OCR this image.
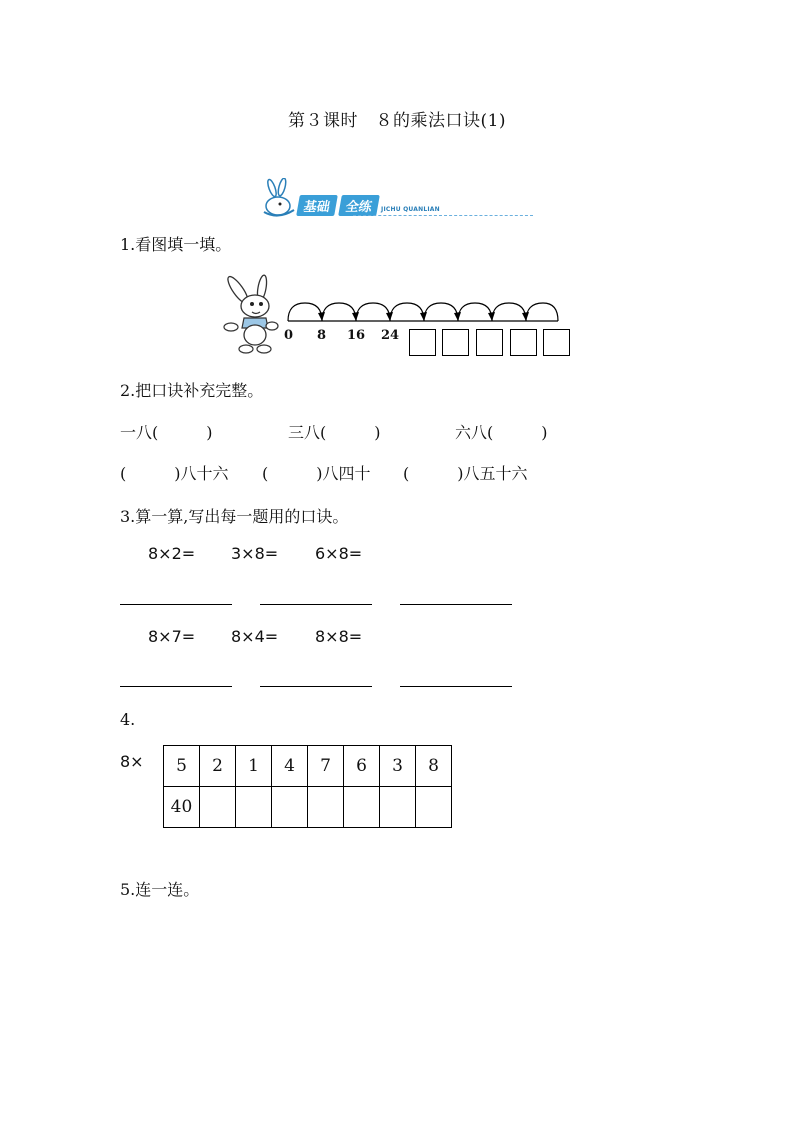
第３课时　８的乘法口诀(1)
基础 全练 JICHU QUANLIAN
1.看图填一填。
0 8 16 24
2.把口诀补充完整。
一八(　　　)	三八(　　　)	六八(　　　)
(　　　)八十六 (　　　)八四十 (　　　)八五十六
3.算一算,写出每一题用的口诀。
8×2= 3×8= 6×8=
8×7= 8×4= 8×8=
4.
8× 5	2	1	4	7	6	3	8
40							
5.连一连。
